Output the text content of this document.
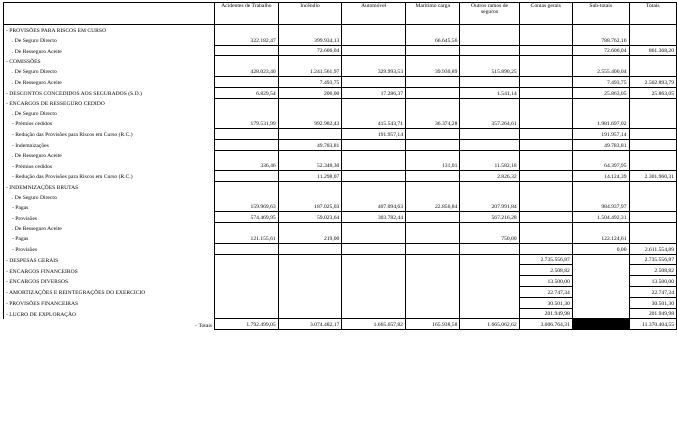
	Acidentes de Trabalho	Incêndio	Automóvel	Marítimo carga	Outros ramos de seguros	Contas gerais	Sub-totais	Totais
- PROVISÕES PARA RISCOS EM CURSO								
. De Seguro Directo	322.182,47	399.934,13		66.645,56			788.762,16	
. De Resseguro Aceite		72.606,04					72.606,04	861.368,20
- COMISSÕES								
. De Seguro Directo	428.023,40	1.241.561,97	329.993,53	39.930,89	515.890,25		2.555.400,04	
. De Resseguro Aceite		7.493,75					7.493,75	2.562.893,79
- DESCONTOS CONCEDIDOS AOS SEGURADOS (S.D.)	6.829,54	206,00	17.286,37		1.541,14		25.863,05	25.863,05
- ENCARGOS DE RESSEGURO CEDIDO								
. De Seguro Directo								
- Prémios cedidos	179.531,99	992.982,43	415.543,71	36.374,28	357.264,61		1.981.697,02	
- Redução das Provisões para Riscos em Curso (R.C.)			191.957,14				191.957,14	
- Indemnizações		49.783,81					49.783,81	
. De Resseguro Aceite								
- Prémios cedidos	336,46	52.348,30		131,01	11.582,18		64.397,95	
- Redução das Provisões para Riscos em Curso (R.C.)		11.298,07			2.826,32		14.124,39	2.301.960,31
- INDEMNIZAÇÕES BRUTAS								
. De Seguro Directo								
- Pagas	159.969,63	187.025,03	407.094,63	22.856,84	207.991,84		984.937,97	
- Provisões	574.469,95	59.023,64	303.782,44		567.216,28		1.504.492,31	
. De Resseguro Aceite								
- Pagas	121.155,61	219,00			750,00		122.124,61	
- Provisões							0,00	2.611.554,89
- DESPESAS GERAIS						2.735.556,87		2.735.556,87
- ENCARGOS FINANCEIROS						2.508,82		2.508,82
- ENCARGOS DIVERSOS						13.500,00		13.500,00
- AMORTIZAÇÕES E REINTEGRAÇÕES DO EXERCICIO						22.747,34		22.747,34
- PROVISÕES FINANCEIRAS						30.501,30		30.501,30
- LUCRO DE EXPLORAÇÃO						201.949,98		201.949,98
- Totais	1.792.499,05	3.074.482,17	1.665.657,82	165.938,58	1.665.062,62	3.006.764,31		11.370.404,55
